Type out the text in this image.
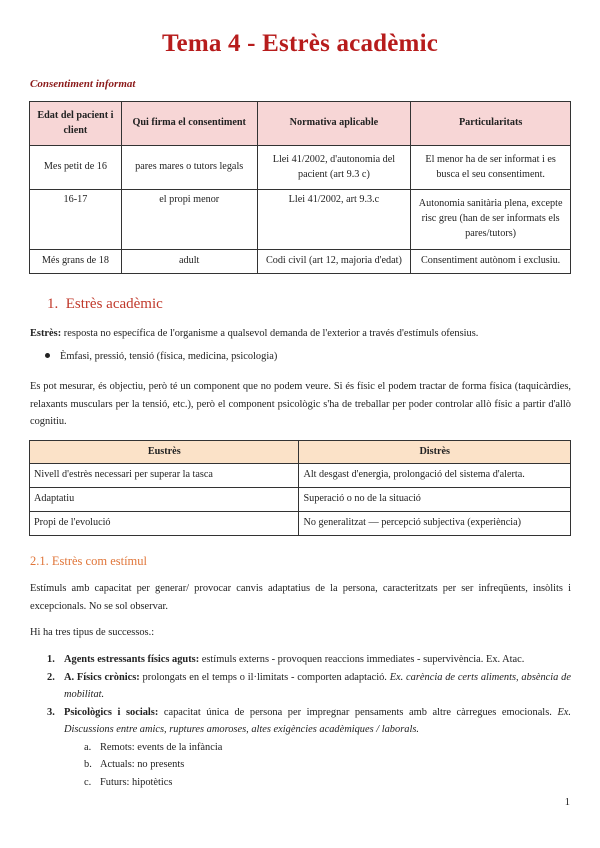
Tema 4 - Estrès acadèmic
Consentiment informat
Edat del pacient i client	Qui firma el consentiment	Normativa aplicable	Particularitats
Mes petit de 16	pares mares o tutors legals	Llei 41/2002, d'autonomia del pacient (art 9.3 c)	El menor ha de ser informat i es busca el seu consentiment.
16-17	el propi menor	Llei 41/2002, art 9.3.c	Autonomia sanitària plena, excepte risc greu (han de ser informats els pares/tutors)
Més grans de 18	adult	Codi civil (art 12, majoria d'edat)	Consentiment autònom i exclusiu.
1. Estrès acadèmic
Estrès: resposta no específica de l'organisme a qualsevol demanda de l'exterior a través d'estímuls ofensius.
Èmfasi, pressió, tensió (física, medicina, psicologia)
Es pot mesurar, és objectiu, però té un component que no podem veure. Si és físic el podem tractar de forma física (taquicàrdies, relaxants musculars per la tensió, etc.), però el component psicològic s'ha de treballar per poder controlar allò físic a partir d'allò cognitiu.
Eustrès	Distrès
Nivell d'estrès necessari per superar la tasca	Alt desgast d'energia, prolongació del sistema d'alerta.
Adaptatiu	Superació o no de la situació
Propi de l'evolució	No generalitzat — percepció subjectiva (experiència)
2.1. Estrès com estímul
Estímuls amb capacitat per generar/ provocar canvis adaptatius de la persona, caracteritzats per ser infreqüents, insòlits i excepcionals. No se sol observar.
Hi ha tres tipus de successos.:
1. Agents estressants físics aguts: estímuls externs - provoquen reaccions immediates - supervivència. Ex. Atac.
2. A. Físics crònics: prolongats en el temps o il·limitats - comporten adaptació. Ex. carència de certs aliments, absència de mobilitat.
3. Psicològics i socials: capacitat única de persona per impregnar pensaments amb altre càrregues emocionals. Ex. Discussions entre amics, ruptures amoroses, altes exigències acadèmiques / laborals.
a. Remots: events de la infància
b. Actuals: no presents
c. Futurs: hipotètics
1
